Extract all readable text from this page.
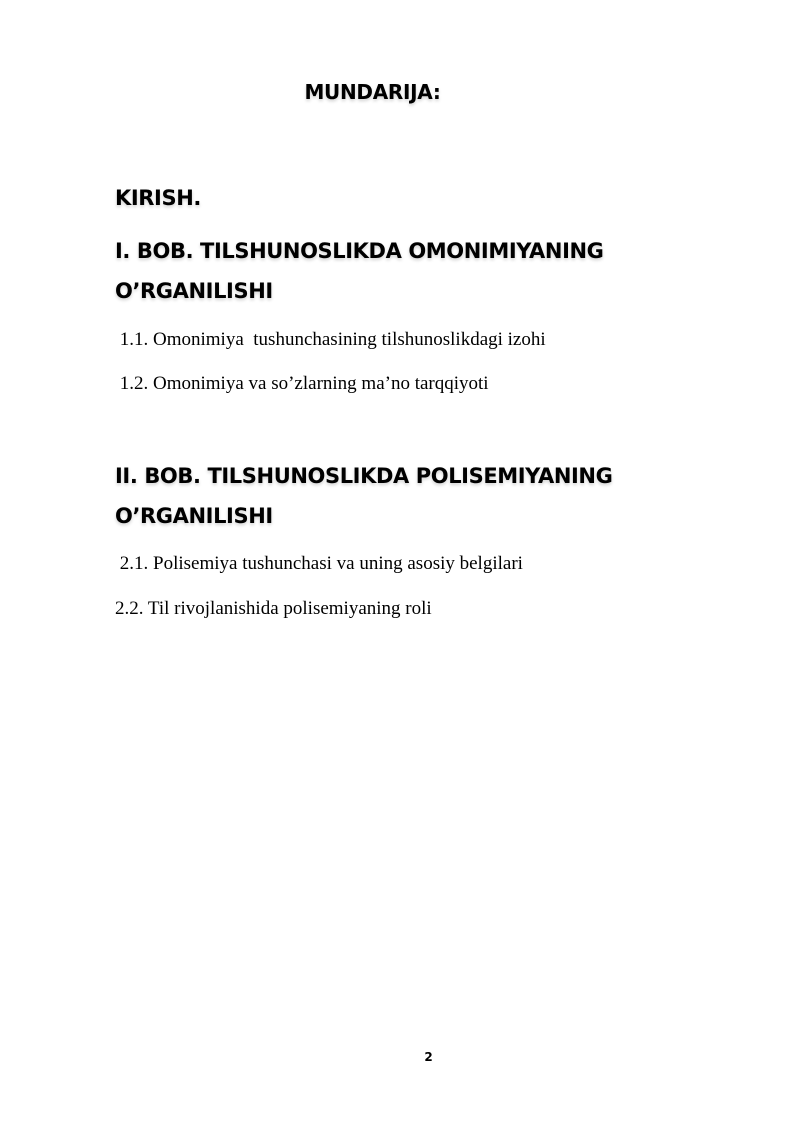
MUNDARIJA:
KIRISH.
I. BOB. TILSHUNOSLIKDA OMONIMIYANING
O’RGANILISHI
1.1. Omonimiya  tushunchasining tilshunoslikdagi izohi
1.2. Omonimiya va so’zlarning ma’no tarqqiyoti
II. BOB. TILSHUNOSLIKDA POLISEMIYANING
O’RGANILISHI
2.1. Polisemiya tushunchasi va uning asosiy belgilari
2.2. Til rivojlanishida polisemiyaning roli
2
